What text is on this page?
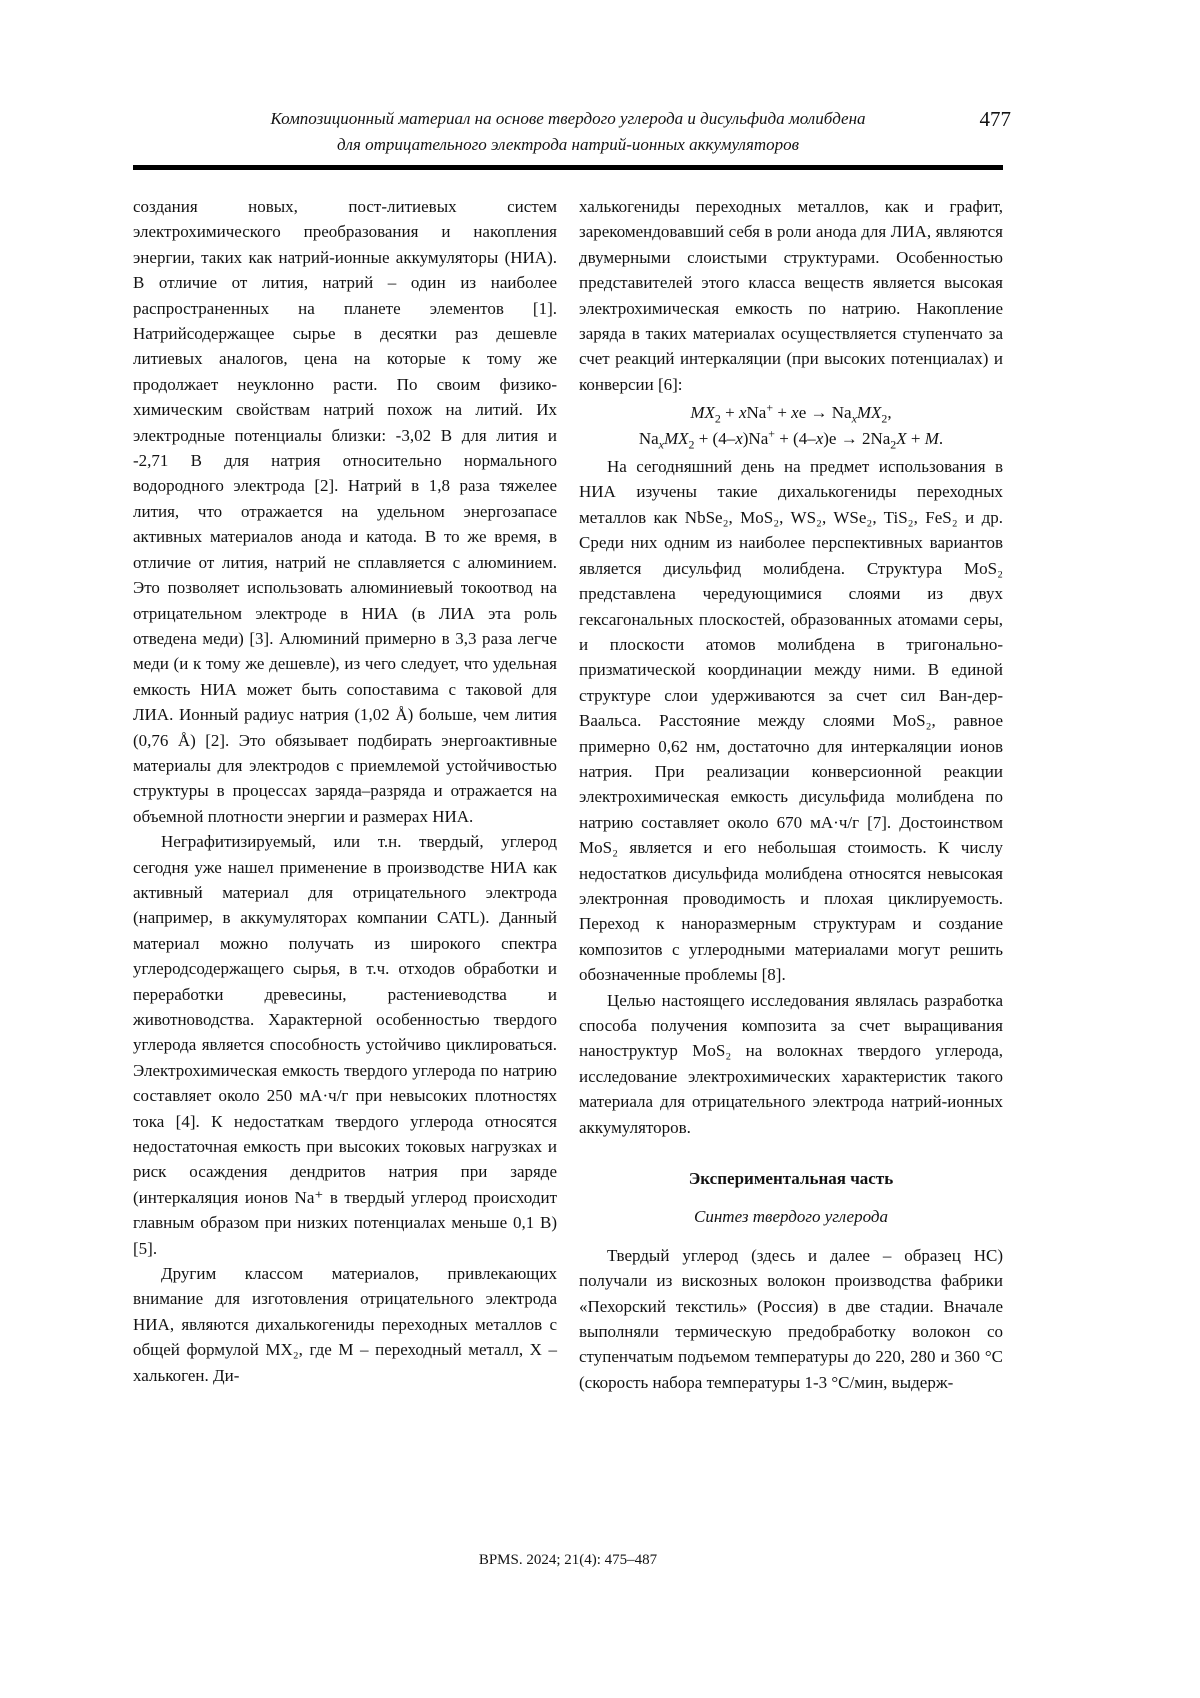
Композиционный материал на основе твердого углерода и дисульфида молибдена
для отрицательного электрода натрий-ионных аккумуляторов
477

создания новых, пост-литиевых систем электрохимического преобразования и накопления энергии, таких как натрий-ионные аккумуляторы (НИА). В отличие от лития, натрий – один из наиболее распространенных на планете элементов [1]. Натрийсодержащее сырье в десятки раз дешевле литиевых аналогов, цена на которые к тому же продолжает неуклонно расти. По своим физико-химическим свойствам натрий похож на литий. Их электродные потенциалы близки: -3,02 В для лития и -2,71 В для натрия относительно нормального водородного электрода [2]. Натрий в 1,8 раза тяжелее лития, что отражается на удельном энергозапасе активных материалов анода и катода. В то же время, в отличие от лития, натрий не сплавляется с алюминием. Это позволяет использовать алюминиевый токоотвод на отрицательном электроде в НИА (в ЛИА эта роль отведена меди) [3]. Алюминий примерно в 3,3 раза легче меди (и к тому же дешевле), из чего следует, что удельная емкость НИА может быть сопоставима с таковой для ЛИА. Ионный радиус натрия (1,02 Å) больше, чем лития (0,76 Å) [2]. Это обязывает подбирать энергоактивные материалы для электродов с приемлемой устойчивостью структуры в процессах заряда–разряда и отражается на объемной плотности энергии и размерах НИА.

Неграфитизируемый, или т.н. твердый, углерод сегодня уже нашел применение в производстве НИА как активный материал для отрицательного электрода (например, в аккумуляторах компании CATL). Данный материал можно получать из широкого спектра углеродсодержащего сырья, в т.ч. отходов обработки и переработки древесины, растениеводства и животноводства. Характерной особенностью твердого углерода является способность устойчиво циклироваться. Электрохимическая емкость твердого углерода по натрию составляет около 250 мА·ч/г при невысоких плотностях тока [4]. К недостаткам твердого углерода относятся недостаточная емкость при высоких токовых нагрузках и риск осаждения дендритов натрия при заряде (интеркаляция ионов Na⁺ в твердый углерод происходит главным образом при низких потенциалах меньше 0,1 В) [5].

Другим классом материалов, привлекающих внимание для изготовления отрицательного электрода НИА, являются дихалькогениды переходных металлов с общей формулой MX₂, где M – переходный металл, X – халькоген. Ди-

халькогениды переходных металлов, как и графит, зарекомендовавший себя в роли анода для ЛИА, являются двумерными слоистыми структурами. Особенностью представителей этого класса веществ является высокая электрохимическая емкость по натрию. Накопление заряда в таких материалах осуществляется ступенчато за счет реакций интеркаляции (при высоких потенциалах) и конверсии [6]:

$MX_2 + xNa^+$ + xe → $Na_xMX_2$,
$Na_xMX_2 + (4-x)Na^+ + (4-x)e \to 2Na_2X + M$.

На сегодняшний день на предмет использования в НИА изучены такие дихалькогениды переходных металлов как NbSe₂, MoS₂, WS₂, WSe₂, TiS₂, FeS₂ и др. Среди них одним из наиболее перспективных вариантов является дисульфид молибдена. Структура MoS₂ представлена чередующимися слоями из двух гексагональных плоскостей, образованных атомами серы, и плоскости атомов молибдена в тригонально-призматической координации между ними. В единой структуре слои удерживаются за счет сил Ван-дер-Ваальса. Расстояние между слоями MoS₂, равное примерно 0,62 нм, достаточно для интеркаляции ионов натрия. При реализации конверсионной реакции электрохимическая емкость дисульфида молибдена по натрию составляет около 670 мА·ч/г [7]. Достоинством MoS₂ является и его небольшая стоимость. К числу недостатков дисульфида молибдена относятся невысокая электронная проводимость и плохая циклируемость. Переход к наноразмерным структурам и создание композитов с углеродными материалами могут решить обозначенные проблемы [8].

Целью настоящего исследования являлась разработка способа получения композита за счет выращивания наноструктур MoS₂ на волокнах твердого углерода, исследование электрохимических характеристик такого материала для отрицательного электрода натрий-ионных аккумуляторов.

Экспериментальная часть
Синтез твердого углерода

Твердый углерод (здесь и далее – образец HC) получали из вискозных волокон производства фабрики «Пехорский текстиль» (Россия) в две стадии. Вначале выполняли термическую предобработку волокон со ступенчатым подъемом температуры до 220, 280 и 360 °C (скорость набора температуры 1-3 °C/мин, выдерж-

BPMS. 2024; 21(4): 475–487
